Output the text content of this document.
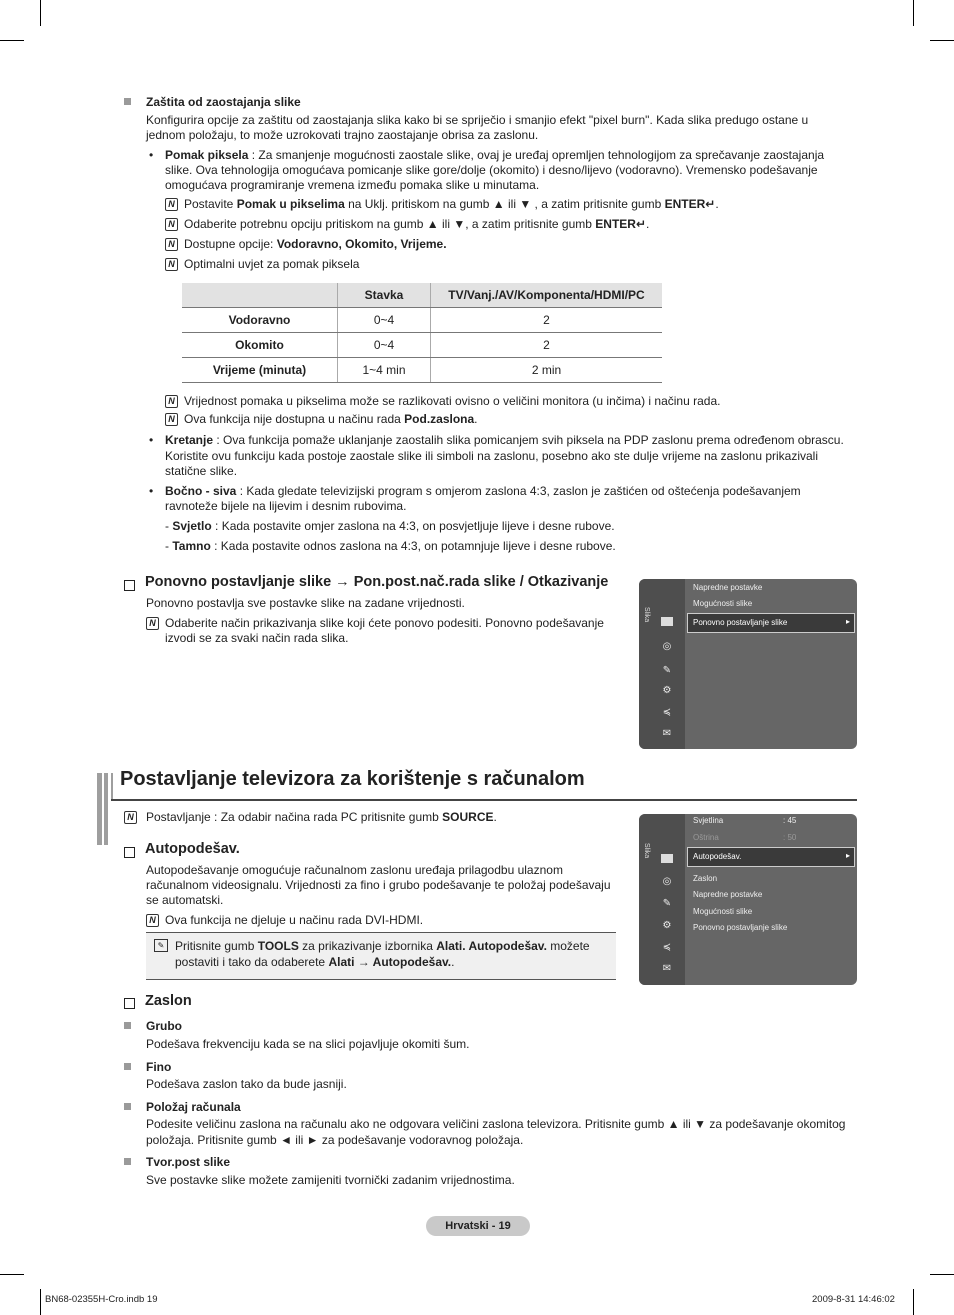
Zaštita od zaostajanja slike
Konfigurira opcije za zaštitu od zaostajanja slika kako bi se spriječio i smanjio efekt "pixel burn". Kada slika predugo ostane u
jednom položaju, to može uzrokovati trajno zaostajanje obrisa za zaslonu.
• Pomak piksela : Za smanjenje mogućnosti zaostale slike, ovaj je uređaj opremljen tehnologijom za sprečavanje zaostajanja
slike. Ova tehnologija omogućava pomicanje slike gore/dolje (okomito) i desno/lijevo (vodoravno). Vremensko podešavanje
omogućava programiranje vremena između pomaka slike u minutama.
N Postavite Pomak u pikselima na Uklj. pritiskom na gumb ▲ ili ▼ , a zatim pritisnite gumb ENTER↵.
N Odaberite potrebnu opciju pritiskom na gumb ▲ ili ▼, a zatim pritisnite gumb ENTER↵.
N Dostupne opcije: Vodoravno, Okomito, Vrijeme.
N Optimalni uvjet za pomak piksela
	Stavka	TV/Vanj./AV/Komponenta/HDMI/PC
Vodoravno	0~4	2
Okomito	0~4	2
Vrijeme (minuta)	1~4 min	2 min
N Vrijednost pomaka u pikselima može se razlikovati ovisno o veličini monitora (u inčima) i načinu rada.
N Ova funkcija nije dostupna u načinu rada Pod.zaslona.
• Kretanje : Ova funkcija pomaže uklanjanje zaostalih slika pomicanjem svih piksela na PDP zaslonu prema određenom obrascu.
Koristite ovu funkciju kada postoje zaostale slike ili simboli na zaslonu, posebno ako ste dulje vrijeme na zaslonu prikazivali
statične slike.
• Bočno - siva : Kada gledate televizijski program s omjerom zaslona 4:3, zaslon je zaštićen od oštećenja podešavanjem
ravnoteže bijele na lijevim i desnim rubovima.
- Svjetlo : Kada postavite omjer zaslona na 4:3, on posvjetljuje lijeve i desne rubove.
- Tamno : Kada postavite odnos zaslona na 4:3, on potamnjuje lijeve i desne rubove.
Ponovno postavljanje slike → Pon.post.nač.rada slike / Otkazivanje
Ponovno postavlja sve postavke slike na zadane vrijednosti.
N Odaberite način prikazivanja slike koji ćete ponovo podesiti. Ponovno podešavanje
izvodi se za svaki način rada slika.
Slika
Napredne postavke
Mogućnosti slike
Ponovno postavljanje slike	▸
◎
✎
⚙
≼
✉
Postavljanje televizora za korištenje s računalom
N Postavljanje : Za odabir načina rada PC pritisnite gumb SOURCE.
Autopodešav.
Autopodešavanje omogućuje računalnom zaslonu uređaja prilagodbu ulaznom
računalnom videosignalu. Vrijednosti za fino i grubo podešavanje te položaj podešavaju
se automatski.
N Ova funkcija ne djeluje u načinu rada DVI-HDMI.
✎ Pritisnite gumb TOOLS za prikazivanje izbornika Alati. Autopodešav. možete
postaviti i tako da odaberete Alati → Autopodešav..
Slika
Svjetlina	: 45
Oštrina	: 50
Autopodešav.	▸
Zaslon
Napredne postavke
Mogućnosti slike
Ponovno postavljanje slike
◎
✎
⚙
≼
✉
Zaslon
Grubo
Podešava frekvenciju kada se na slici pojavljuje okomiti šum.
Fino
Podešava zaslon tako da bude jasniji.
Položaj računala
Podesite veličinu zaslona na računalu ako ne odgovara veličini zaslona televizora. Pritisnite gumb ▲ ili ▼ za podešavanje okomitog
položaja. Pritisnite gumb ◄ ili ► za podešavanje vodoravnog položaja.
Tvor.post slike
Sve postavke slike možete zamijeniti tvornički zadanim vrijednostima.
Hrvatski - 19
BN68-02355H-Cro.indb 19	2009-8-31 14:46:02
